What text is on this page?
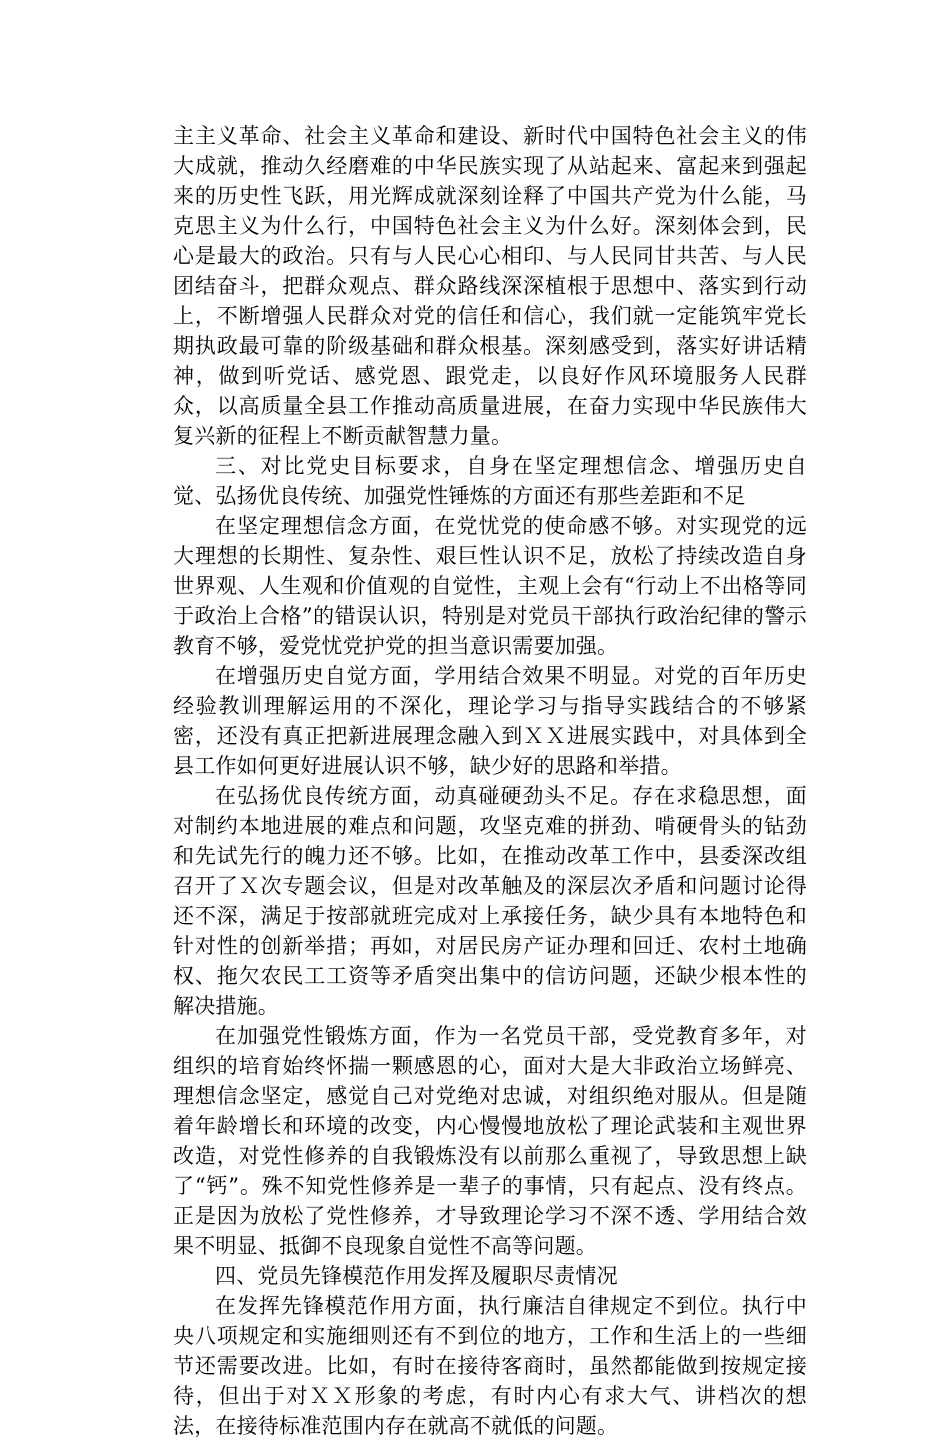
主主义革命、社会主义革命和建设、新时代中国特色社会主义的伟大成就，推动久经磨难的中华民族实现了从站起来、富起来到强起来的历史性飞跃，用光辉成就深刻诠释了中国共产党为什么能，马克思主义为什么行，中国特色社会主义为什么好。深刻体会到，民心是最大的政治。只有与人民心心相印、与人民同甘共苦、与人民团结奋斗，把群众观点、群众路线深深植根于思想中、落实到行动上，不断增强人民群众对党的信任和信心，我们就一定能筑牢党长期执政最可靠的阶级基础和群众根基。深刻感受到，落实好讲话精神，做到听党话、感党恩、跟党走，以良好作风环境服务人民群众，以高质量全县工作推动高质量进展，在奋力实现中华民族伟大复兴新的征程上不断贡献智慧力量。

三、对比党史目标要求，自身在坚定理想信念、增强历史自觉、弘扬优良传统、加强党性锤炼的方面还有那些差距和不足

在坚定理想信念方面，在党忧党的使命感不够。对实现党的远大理想的长期性、复杂性、艰巨性认识不足，放松了持续改造自身世界观、人生观和价值观的自觉性，主观上会有“行动上不出格等同于政治上合格”的错误认识，特别是对党员干部执行政治纪律的警示教育不够，爱党忧党护党的担当意识需要加强。

在增强历史自觉方面，学用结合效果不明显。对党的百年历史经验教训理解运用的不深化，理论学习与指导实践结合的不够紧密，还没有真正把新进展理念融入到ＸＸ进展实践中，对具体到全县工作如何更好进展认识不够，缺少好的思路和举措。

在弘扬优良传统方面，动真碰硬劲头不足。存在求稳思想，面对制约本地进展的难点和问题，攻坚克难的拼劲、啃硬骨头的钻劲和先试先行的魄力还不够。比如，在推动改革工作中，县委深改组召开了Ｘ次专题会议，但是对改革触及的深层次矛盾和问题讨论得还不深，满足于按部就班完成对上承接任务，缺少具有本地特色和针对性的创新举措；再如，对居民房产证办理和回迁、农村土地确权、拖欠农民工工资等矛盾突出集中的信访问题，还缺少根本性的解决措施。

在加强党性锻炼方面，作为一名党员干部，受党教育多年，对组织的培育始终怀揣一颗感恩的心，面对大是大非政治立场鲜亮、理想信念坚定，感觉自己对党绝对忠诚，对组织绝对服从。但是随着年龄增长和环境的改变，内心慢慢地放松了理论武装和主观世界改造，对党性修养的自我锻炼没有以前那么重视了，导致思想上缺了“钙”。殊不知党性修养是一辈子的事情，只有起点、没有终点。正是因为放松了党性修养，才导致理论学习不深不透、学用结合效果不明显、抵御不良现象自觉性不高等问题。

四、党员先锋模范作用发挥及履职尽责情况

在发挥先锋模范作用方面，执行廉洁自律规定不到位。执行中央八项规定和实施细则还有不到位的地方，工作和生活上的一些细节还需要改进。比如，有时在接待客商时，虽然都能做到按规定接待，但出于对ＸＸ形象的考虑，有时内心有求大气、讲档次的想法，在接待标准范围内存在就高不就低的问题。
